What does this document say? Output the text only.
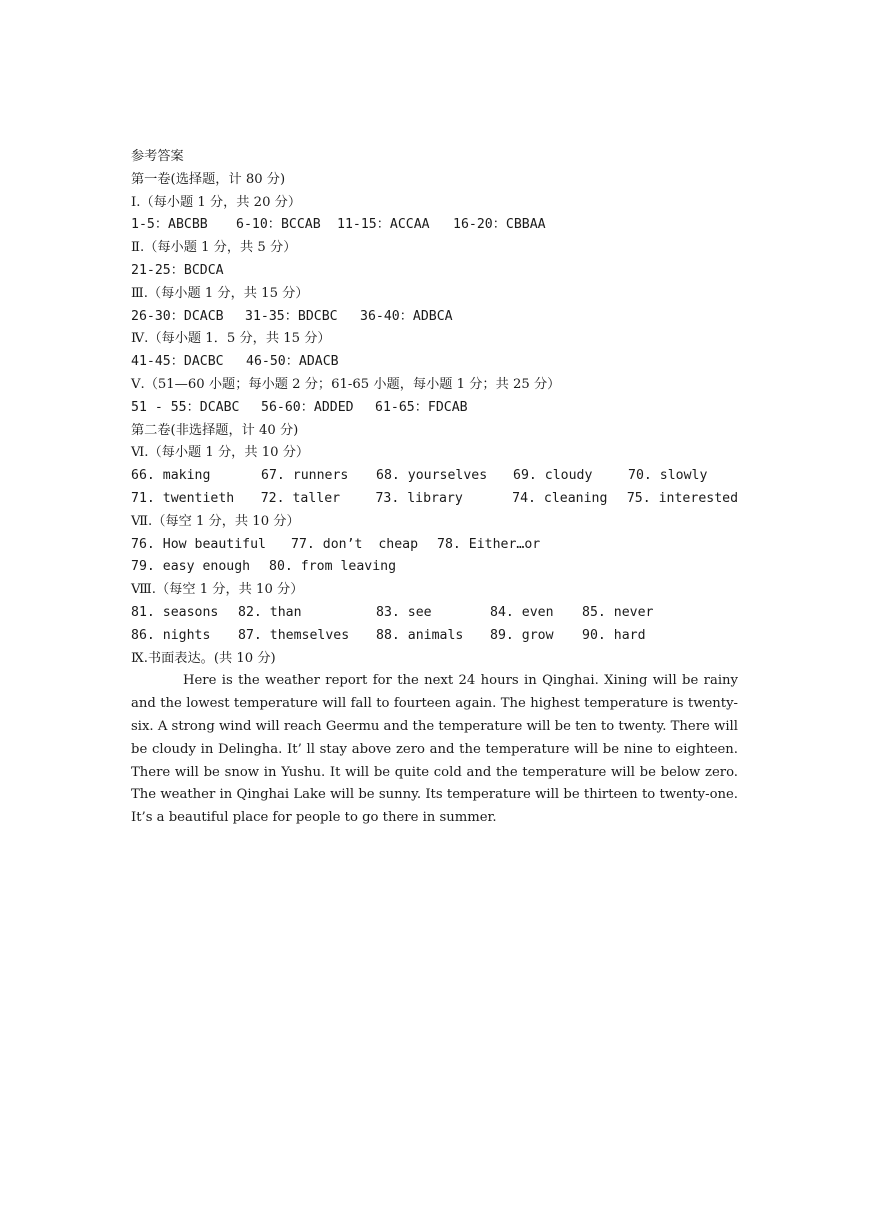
参考答案
第一卷(选择题，计 80 分)
Ⅰ.（每小题 1 分，共 20 分）
1-5：ABCBB	6-10：BCCAB	11-15：ACCAA	16-20：CBBAA
Ⅱ.（每小题 1 分，共 5 分）
21-25：BCDCA
Ⅲ.（每小题 1 分，共 15 分）
26-30：DCACB	31-35：BDCBC	36-40：ADBCA
Ⅳ.（每小题 1．5 分，共 15 分）
41-45：DACBC	46-50：ADACB
Ⅴ.（51—60 小题；每小题 2 分；61-65 小题，每小题 1 分；共 25 分）
51 - 55：DCABC	56-60：ADDED	61-65：FDCAB
第二卷(非选择题，计 40 分)
Ⅵ.（每小题 1 分，共 10 分）
66. making	67. runners	68. yourselves	69. cloudy	70. slowly
71. twentieth	72. taller	73. library	74. cleaning	75. interested
Ⅶ.（每空 1 分，共 10 分）
76. How beautiful	77. don’t  cheap	78. Either…or
79. easy enough	80. from leaving
Ⅷ.（每空 1 分，共 10 分）
81. seasons	82. than	83. see	84. even	85. never
86. nights	87. themselves	88. animals	89. grow	90. hard
Ⅸ.书面表达。(共 10 分)
Here is the weather report for the next 24 hours in Qinghai. Xining will be rainy and the lowest temperature will fall to fourteen again. The highest temperature is twenty-six. A strong wind will reach Geermu and the temperature will be ten to twenty. There will be cloudy in Delingha. It’ ll stay above zero and the temperature will be nine to eighteen. There will be snow in Yushu. It will be quite cold and the temperature will be below zero. The weather in Qinghai Lake will be sunny. Its temperature will be thirteen to twenty-one. It’s a beautiful place for people to go there in summer.
